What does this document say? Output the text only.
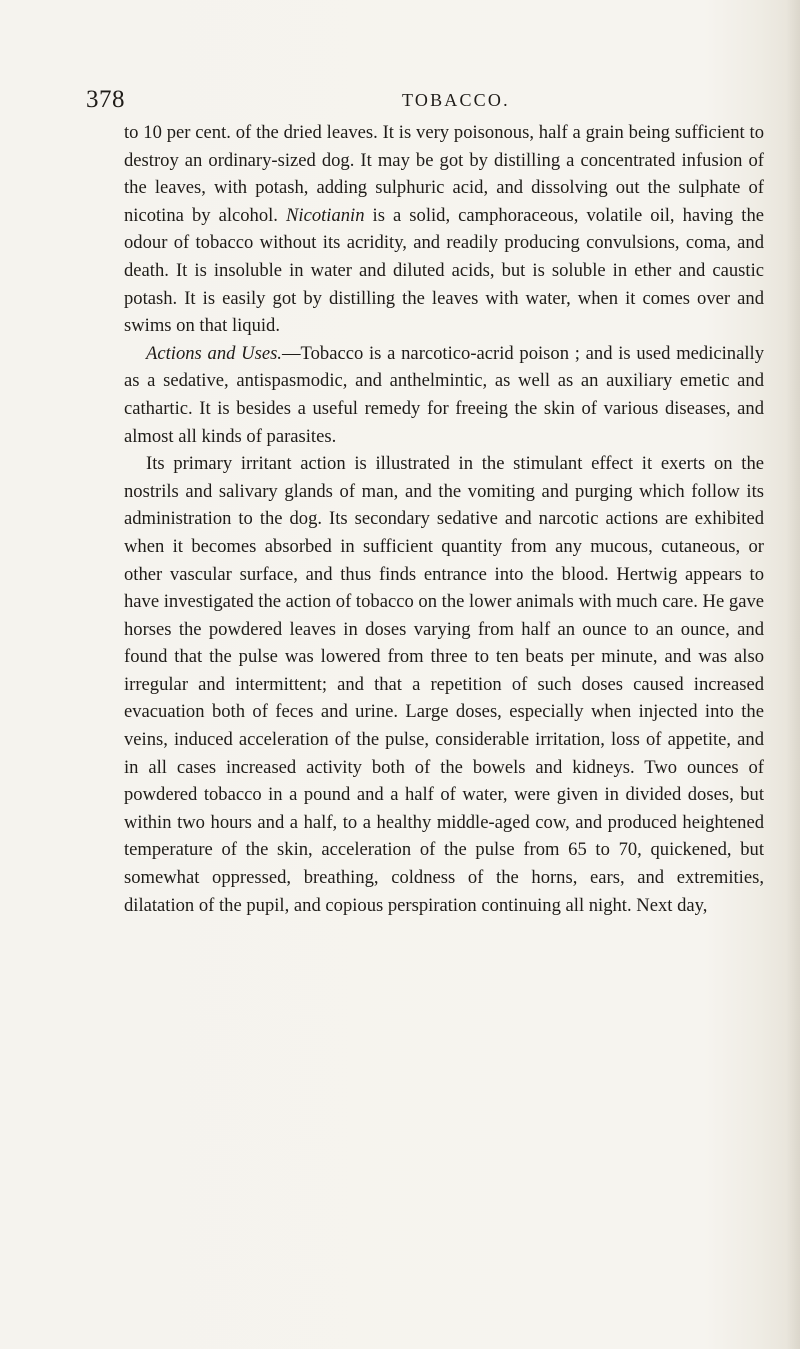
378	TOBACCO.

to 10 per cent. of the dried leaves. It is very poisonous, half a grain being sufficient to destroy an ordinary-sized dog. It may be got by distilling a concentrated infusion of the leaves, with potash, adding sulphuric acid, and dissolving out the sulphate of nicotina by alcohol. Nicotianin is a solid, camphoraceous, volatile oil, having the odour of tobacco without its acridity, and readily producing convulsions, coma, and death. It is insoluble in water and diluted acids, but is soluble in ether and caustic potash. It is easily got by distilling the leaves with water, when it comes over and swims on that liquid.

Actions and Uses.—Tobacco is a narcotico-acrid poison ; and is used medicinally as a sedative, antispasmodic, and anthelmintic, as well as an auxiliary emetic and cathartic. It is besides a useful remedy for freeing the skin of various diseases, and almost all kinds of parasites.

Its primary irritant action is illustrated in the stimulant effect it exerts on the nostrils and salivary glands of man, and the vomiting and purging which follow its administration to the dog. Its secondary sedative and narcotic actions are exhibited when it becomes absorbed in sufficient quantity from any mucous, cutaneous, or other vascular surface, and thus finds entrance into the blood. Hertwig appears to have investigated the action of tobacco on the lower animals with much care. He gave horses the powdered leaves in doses varying from half an ounce to an ounce, and found that the pulse was lowered from three to ten beats per minute, and was also irregular and intermittent; and that a repetition of such doses caused increased evacuation both of feces and urine. Large doses, especially when injected into the veins, induced acceleration of the pulse, considerable irritation, loss of appetite, and in all cases increased activity both of the bowels and kidneys. Two ounces of powdered tobacco in a pound and a half of water, were given in divided doses, but within two hours and a half, to a healthy middle-aged cow, and produced heightened temperature of the skin, acceleration of the pulse from 65 to 70, quickened, but somewhat oppressed, breathing, coldness of the horns, ears, and extremities, dilatation of the pupil, and copious perspiration continuing all night. Next day,
